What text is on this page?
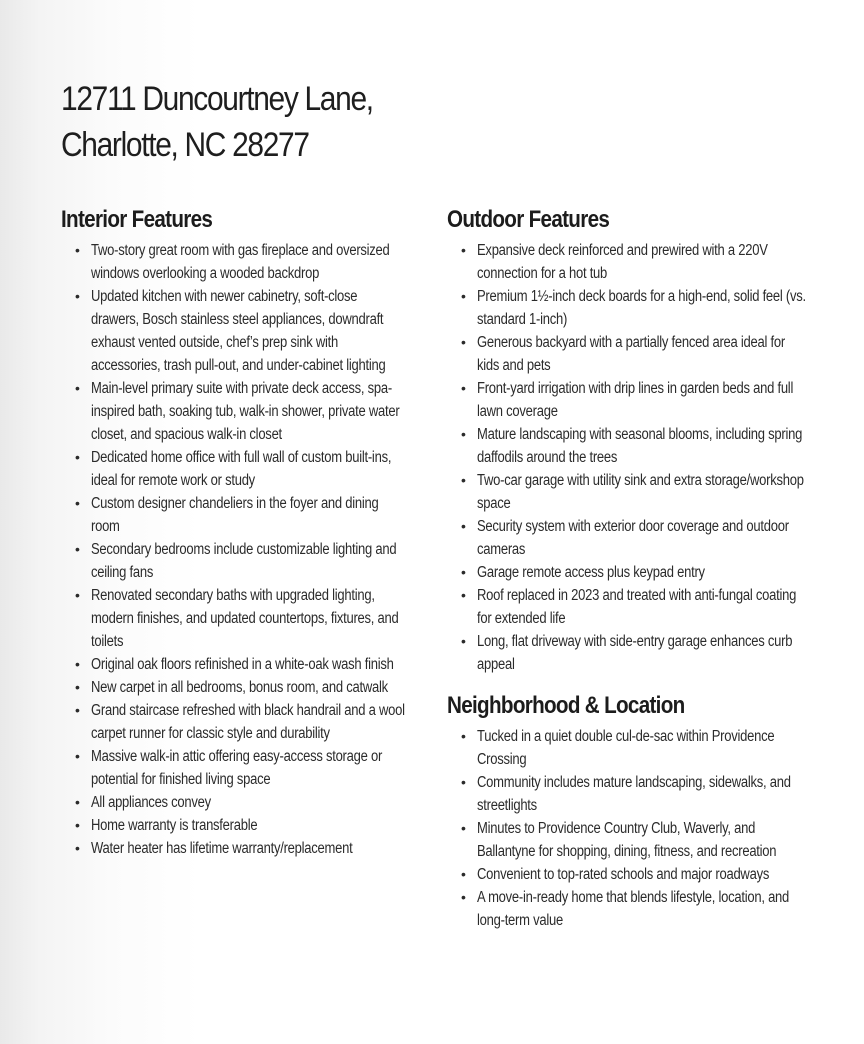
12711 Duncourtney Lane,
Charlotte, NC 28277
Interior Features
• Two-story great room with gas fireplace and oversized windows overlooking a wooded backdrop
• Updated kitchen with newer cabinetry, soft-close drawers, Bosch stainless steel appliances, downdraft exhaust vented outside, chef’s prep sink with accessories, trash pull-out, and under-cabinet lighting
• Main-level primary suite with private deck access, spa-inspired bath, soaking tub, walk-in shower, private water closet, and spacious walk-in closet
• Dedicated home office with full wall of custom built-ins, ideal for remote work or study
• Custom designer chandeliers in the foyer and dining room
• Secondary bedrooms include customizable lighting and ceiling fans
• Renovated secondary baths with upgraded lighting, modern finishes, and updated countertops, fixtures, and toilets
• Original oak floors refinished in a white-oak wash finish
• New carpet in all bedrooms, bonus room, and catwalk
• Grand staircase refreshed with black handrail and a wool carpet runner for classic style and durability
• Massive walk-in attic offering easy-access storage or potential for finished living space
• All appliances convey
• Home warranty is transferable
• Water heater has lifetime warranty/replacement
Outdoor Features
• Expansive deck reinforced and prewired with a 220V connection for a hot tub
• Premium 1½-inch deck boards for a high-end, solid feel (vs. standard 1-inch)
• Generous backyard with a partially fenced area ideal for kids and pets
• Front-yard irrigation with drip lines in garden beds and full lawn coverage
• Mature landscaping with seasonal blooms, including spring daffodils around the trees
• Two-car garage with utility sink and extra storage/workshop space
• Security system with exterior door coverage and outdoor cameras
• Garage remote access plus keypad entry
• Roof replaced in 2023 and treated with anti-fungal coating for extended life
• Long, flat driveway with side-entry garage enhances curb appeal
Neighborhood & Location
• Tucked in a quiet double cul-de-sac within Providence Crossing
• Community includes mature landscaping, sidewalks, and streetlights
• Minutes to Providence Country Club, Waverly, and Ballantyne for shopping, dining, fitness, and recreation
• Convenient to top-rated schools and major roadways
• A move-in-ready home that blends lifestyle, location, and long-term value
